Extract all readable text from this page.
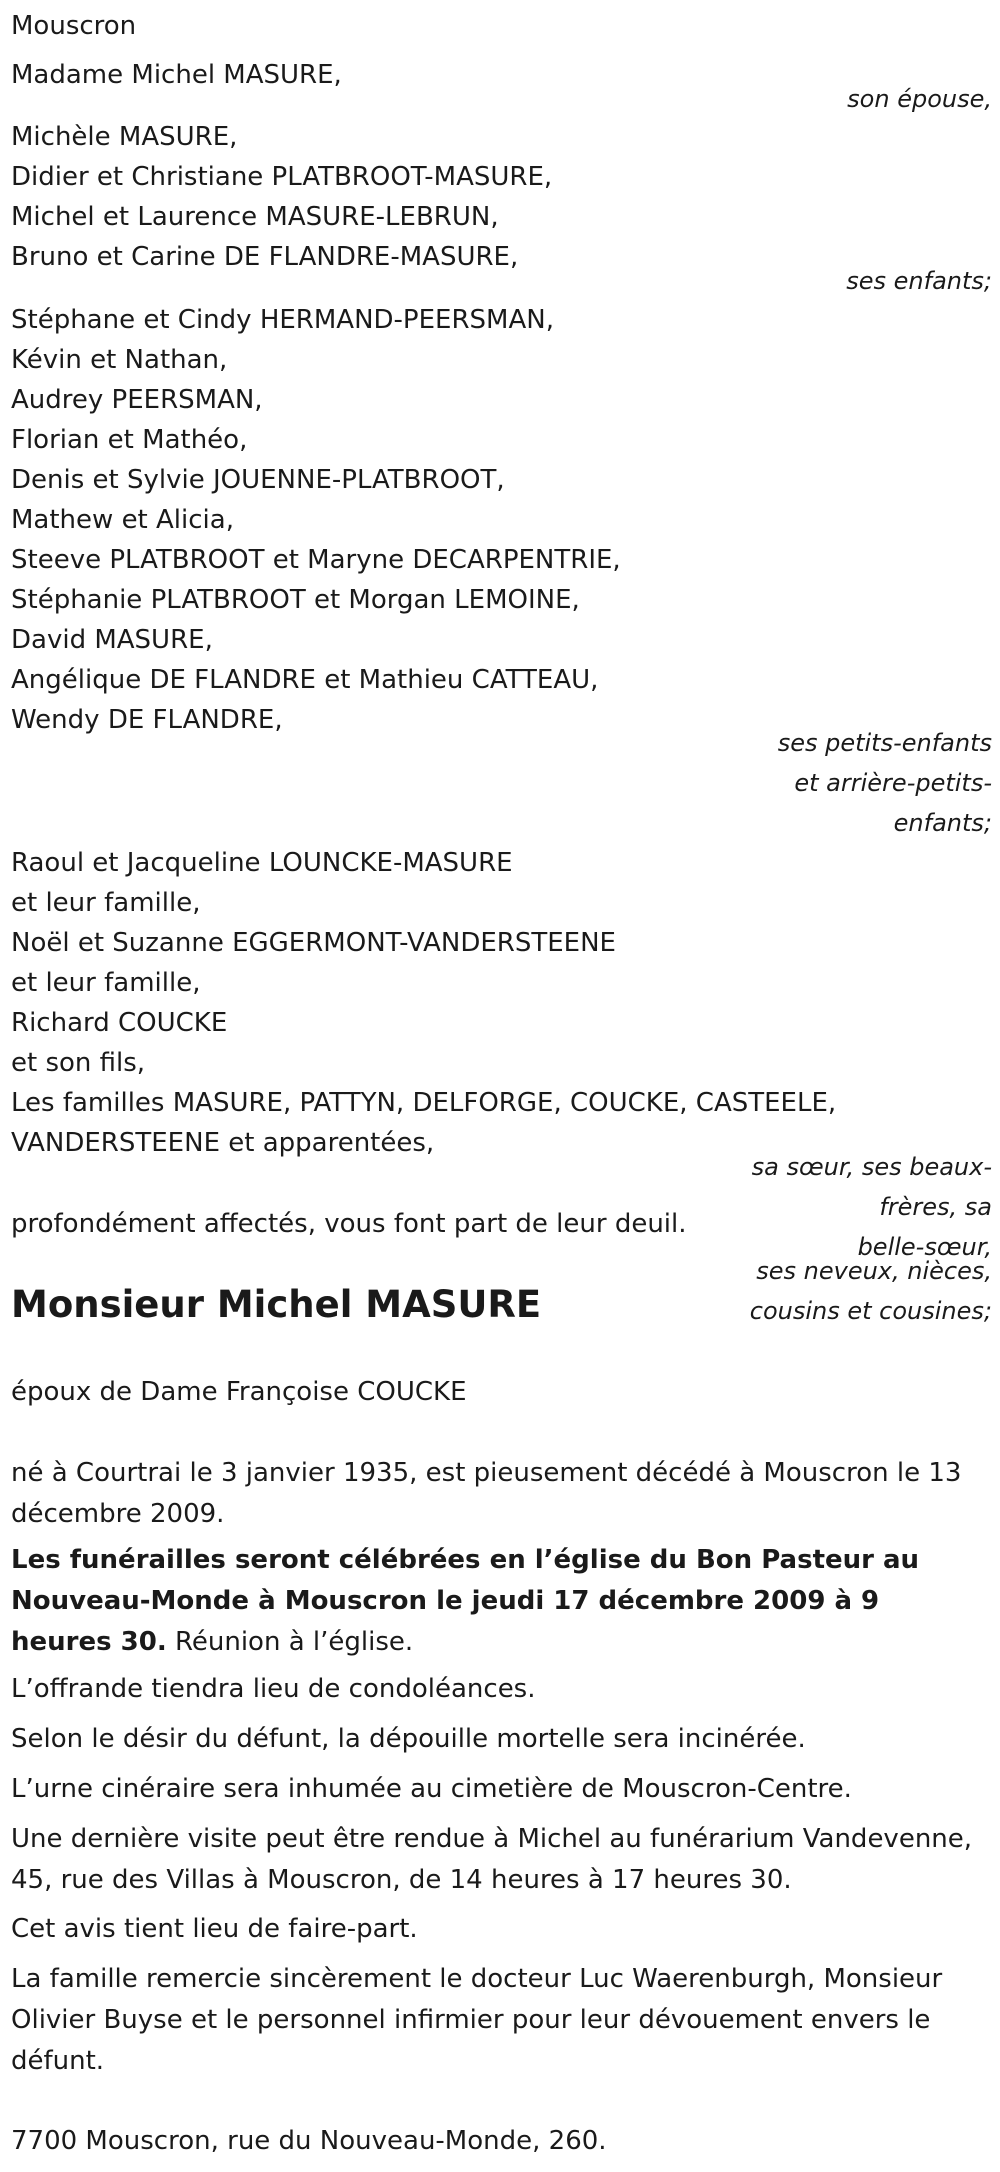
Mouscron
Madame Michel MASURE,
son épouse,
Michèle MASURE,
Didier et Christiane PLATBROOT-MASURE,
Michel et Laurence MASURE-LEBRUN,
Bruno et Carine DE FLANDRE-MASURE,
ses enfants;
Stéphane et Cindy HERMAND-PEERSMAN,
Kévin et Nathan,
Audrey PEERSMAN,
Florian et Mathéo,
Denis et Sylvie JOUENNE-PLATBROOT,
Mathew et Alicia,
Steeve PLATBROOT et Maryne DECARPENTRIE,
Stéphanie PLATBROOT et Morgan LEMOINE,
David MASURE,
Angélique DE FLANDRE et Mathieu CATTEAU,
Wendy DE FLANDRE,
ses petits-enfants
et arrière-petits-
enfants;
Raoul et Jacqueline LOUNCKE-MASURE
et leur famille,
Noël et Suzanne EGGERMONT-VANDERSTEENE
et leur famille,
Richard COUCKE
et son fils,
Les familles MASURE, PATTYN, DELFORGE, COUCKE, CASTEELE,
VANDERSTEENE et apparentées,
sa sœur, ses beaux-
frères, sa
belle-sœur,
profondément affectés, vous font part de leur deuil.
ses neveux, nièces,
cousins et cousines;
Monsieur Michel MASURE
époux de Dame Françoise COUCKE
né à Courtrai le 3 janvier 1935, est pieusement décédé à Mouscron le 13 décembre 2009.
Les funérailles seront célébrées en l’église du Bon Pasteur au Nouveau-Monde à Mouscron le jeudi 17 décembre 2009 à 9 heures 30. Réunion à l’église.
L’offrande tiendra lieu de condoléances.
Selon le désir du défunt, la dépouille mortelle sera incinérée.
L’urne cinéraire sera inhumée au cimetière de Mouscron-Centre.
Une dernière visite peut être rendue à Michel au funérarium Vandevenne, 45, rue des Villas à Mouscron, de 14 heures à 17 heures 30.
Cet avis tient lieu de faire-part.
La famille remercie sincèrement le docteur Luc Waerenburgh, Monsieur Olivier Buyse et le personnel infirmier pour leur dévouement envers le défunt.
7700 Mouscron, rue du Nouveau-Monde, 260.
